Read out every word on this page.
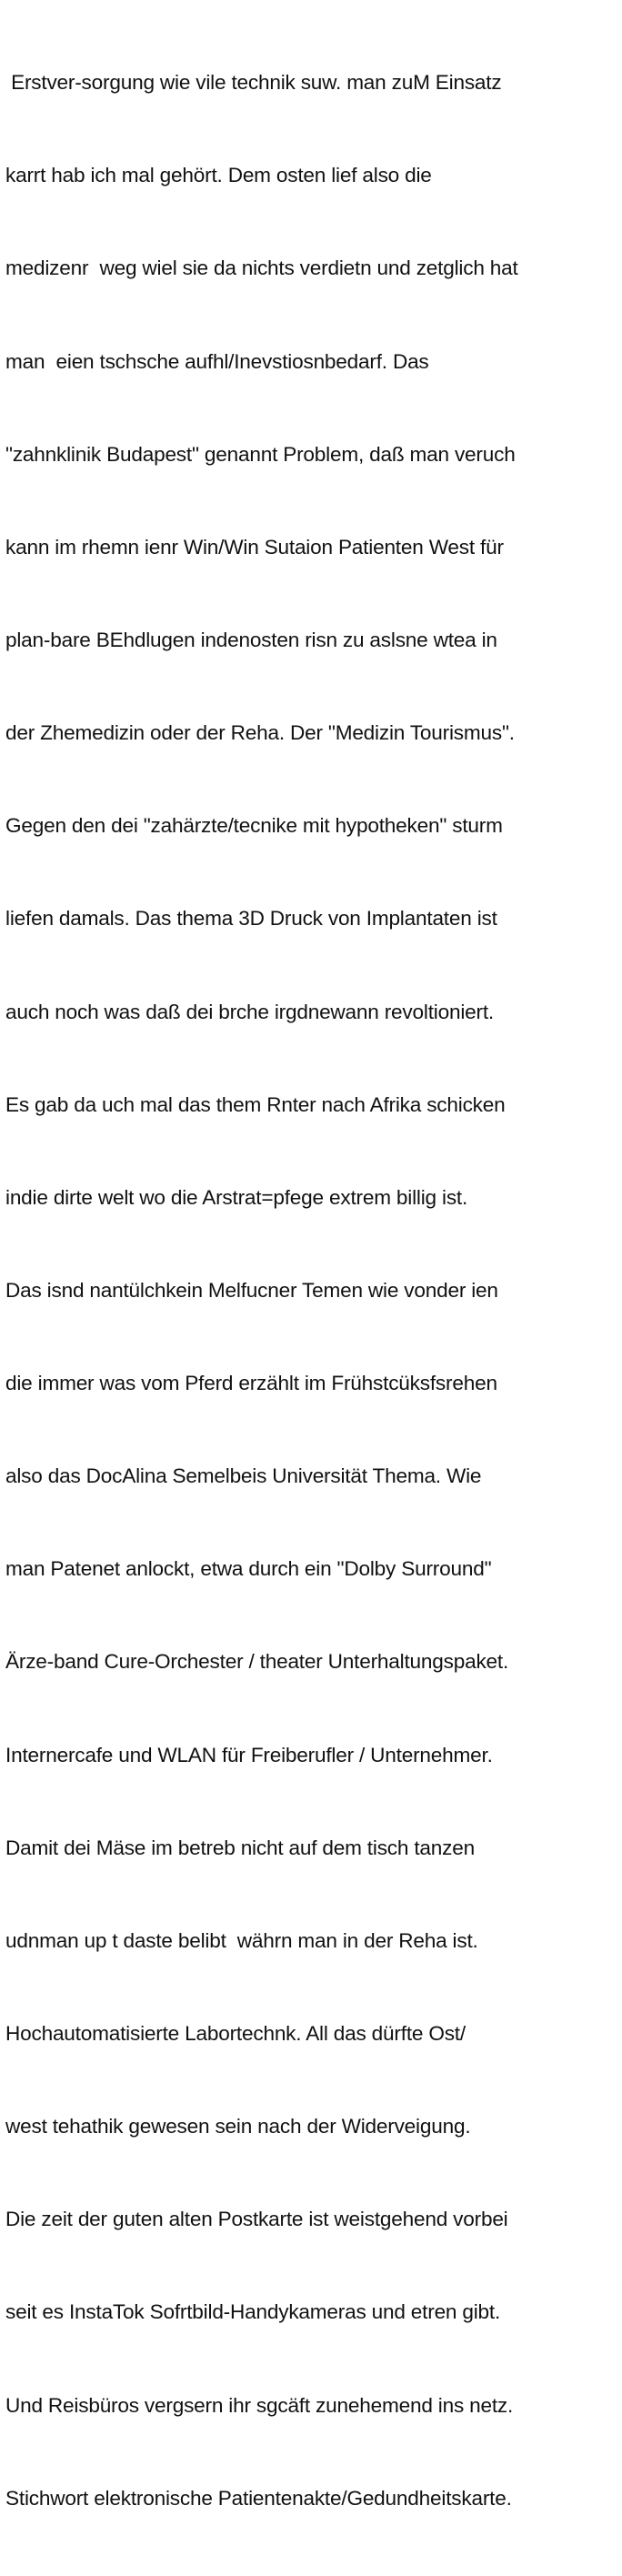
Erstver-sorgung wie vile technik suw. man zuM Einsatz

karrt hab ich mal gehört. Dem osten lief also die

medizenr  weg wiel sie da nichts verdietn und zetglich hat

man  eien tschsche aufhl/Inevstiosnbedarf. Das

"zahnklinik Budapest" genannt Problem, daß man veruch

kann im rhemn ienr Win/Win Sutaion Patienten West für

plan-bare BEhdlugen indenosten risn zu aslsne wtea in

der Zhemedizin oder der Reha. Der "Medizin Tourismus".

Gegen den dei "zahärzte/tecnike mit hypotheken" sturm

liefen damals. Das thema 3D Druck von Implantaten ist

auch noch was daß dei brche irgdnewann revoltioniert.

Es gab da uch mal das them Rnter nach Afrika schicken

indie dirte welt wo die Arstrat=pfege extrem billig ist.

Das isnd nantülchkein Melfucner Temen wie vonder ien

die immer was vom Pferd erzählt im Frühstcüksfsrehen

also das DocAlina Semelbeis Universität Thema. Wie

man Patenet anlockt, etwa durch ein "Dolby Surround"

Ärze-band Cure-Orchester / theater Unterhaltungspaket.

Internercafe und WLAN für Freiberufler / Unternehmer.

Damit dei Mäse im betreb nicht auf dem tisch tanzen

udnman up t daste belibt  währn man in der Reha ist.

Hochautomatisierte Labortechnk. All das dürfte Ost/

west tehathik gewesen sein nach der Widerveigung.

Die zeit der guten alten Postkarte ist weistgehend vorbei

seit es InstaTok Sofrtbild-Handykameras und etren gibt.

Und Reisbüros vergsern ihr sgcäft zunehemend ins netz.

Stichwort elektronische Patientenakte/Gedundheitskarte.
